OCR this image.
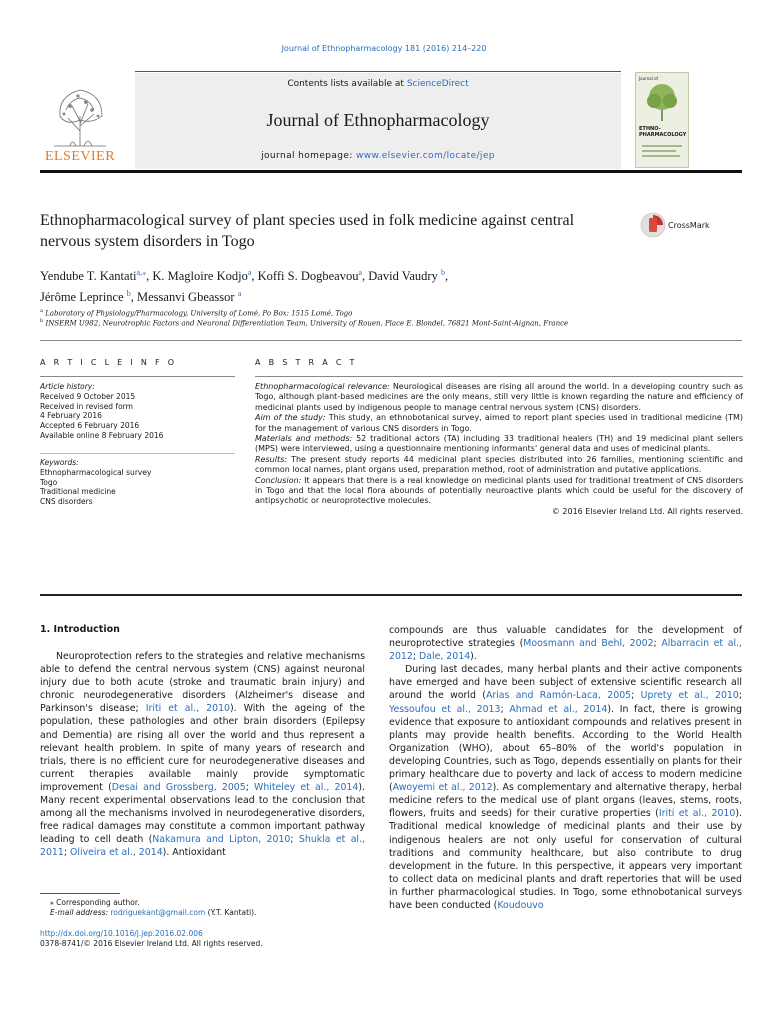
Journal of Ethnopharmacology 181 (2016) 214–220
ELSEVIER
Contents lists available at ScienceDirect
Journal of Ethnopharmacology
journal homepage: www.elsevier.com/locate/jep
Journal of
ETHNO-
PHARMACOLOGY
Ethnopharmacological survey of plant species used in folk medicine against central nervous system disorders in Togo
CrossMark
Yendube T. Kantati$^{a,⁎}$, K. Magloire Kodjo$^a$, Koffi S. Dogbeavou$^a$, David Vaudry $^b$,
Jérôme Leprince $^b$, Messanvi Gbeassor $^a$
$^a$ Laboratory of Physiology/Pharmacology, University of Lomé, Po Box: 1515 Lomé, Togo
$^b$ INSERM U982, Neurotrophic Factors and Neuronal Differentiation Team, University of Rouen, Place E. Blondel, 76821 Mont-Saint-Aignan, France
A R T I C L E I N F O
Article history:
Received 9 October 2015
Received in revised form
4 February 2016
Accepted 6 February 2016
Available online 8 February 2016
Keywords:
Ethnopharmacological survey
Togo
Traditional medicine
CNS disorders
A B S T R A C T

Ethnopharmacological relevance: Neurological diseases are rising all around the world. In a developing country such as Togo, although plant-based medicines are the only means, still very little is known regarding the nature and efficiency of medicinal plants used by indigenous people to manage central nervous system (CNS) disorders.

Aim of the study: This study, an ethnobotanical survey, aimed to report plant species used in traditional medicine (TM) for the management of various CNS disorders in Togo.

Materials and methods: 52 traditional actors (TA) including 33 traditional healers (TH) and 19 medicinal plant sellers (MPS) were interviewed, using a questionnaire mentioning informants' general data and uses of medicinal plants.

Results: The present study reports 44 medicinal plant species distributed into 26 families, mentioning scientific and common local names, plant organs used, preparation method, root of administration and putative applications.

Conclusion: It appears that there is a real knowledge on medicinal plants used for traditional treatment of CNS disorders in Togo and that the local flora abounds of potentially neuroactive plants which could be useful for the discovery of antipsychotic or neuroprotective molecules.

© 2016 Elsevier Ireland Ltd. All rights reserved.

1. Introduction

Neuroprotection refers to the strategies and relative mechanisms able to defend the central nervous system (CNS) against neuronal injury due to both acute (stroke and traumatic brain injury) and chronic neurodegenerative disorders (Alzheimer's disease and Parkinson's disease; Iriti et al., 2010). With the ageing of the population, these pathologies and other brain disorders (Epilepsy and Dementia) are rising all over the world and thus represent a relevant health problem. In spite of many years of research and trials, there is no efficient cure for neurodegenerative diseases and current therapies available mainly provide symptomatic improvement (Desai and Grossberg, 2005; Whiteley et al., 2014). Many recent experimental observations lead to the conclusion that among all the mechanisms involved in neurodegenerative disorders, free radical damages may constitute a common important pathway leading to cell death (Nakamura and Lipton, 2010; Shukla et al., 2011; Oliveira et al., 2014). Antioxidant

compounds are thus valuable candidates for the development of neuroprotective strategies (Moosmann and Behl, 2002; Albarracin et al., 2012; Dale, 2014).

During last decades, many herbal plants and their active components have emerged and have been subject of extensive scientific research all around the world (Arias and Ramón-Laca, 2005; Uprety et al., 2010; Yessoufou et al., 2013; Ahmad et al., 2014). In fact, there is growing evidence that exposure to antioxidant compounds and relatives present in plants may provide health benefits. According to the World Health Organization (WHO), about 65–80% of the world's population in developing Countries, such as Togo, depends essentially on plants for their primary healthcare due to poverty and lack of access to modern medicine (Awoyemi et al., 2012). As complementary and alternative therapy, herbal medicine refers to the medical use of plant organs (leaves, stems, roots, flowers, fruits and seeds) for their curative properties (Iriti et al., 2010). Traditional medical knowledge of medicinal plants and their use by indigenous healers are not only useful for conservation of cultural traditions and community healthcare, but also contribute to drug development in the future. In this perspective, it appears very important to collect data on medicinal plants and draft repertories that will be used in further pharmacological studies. In Togo, some ethnobotanical surveys have been conducted (Koudouvo

⁎ Corresponding author.
E-mail address: rodriguekant@gmail.com (Y.T. Kantati).
http://dx.doi.org/10.1016/j.jep.2016.02.006
0378-8741/© 2016 Elsevier Ireland Ltd. All rights reserved.
